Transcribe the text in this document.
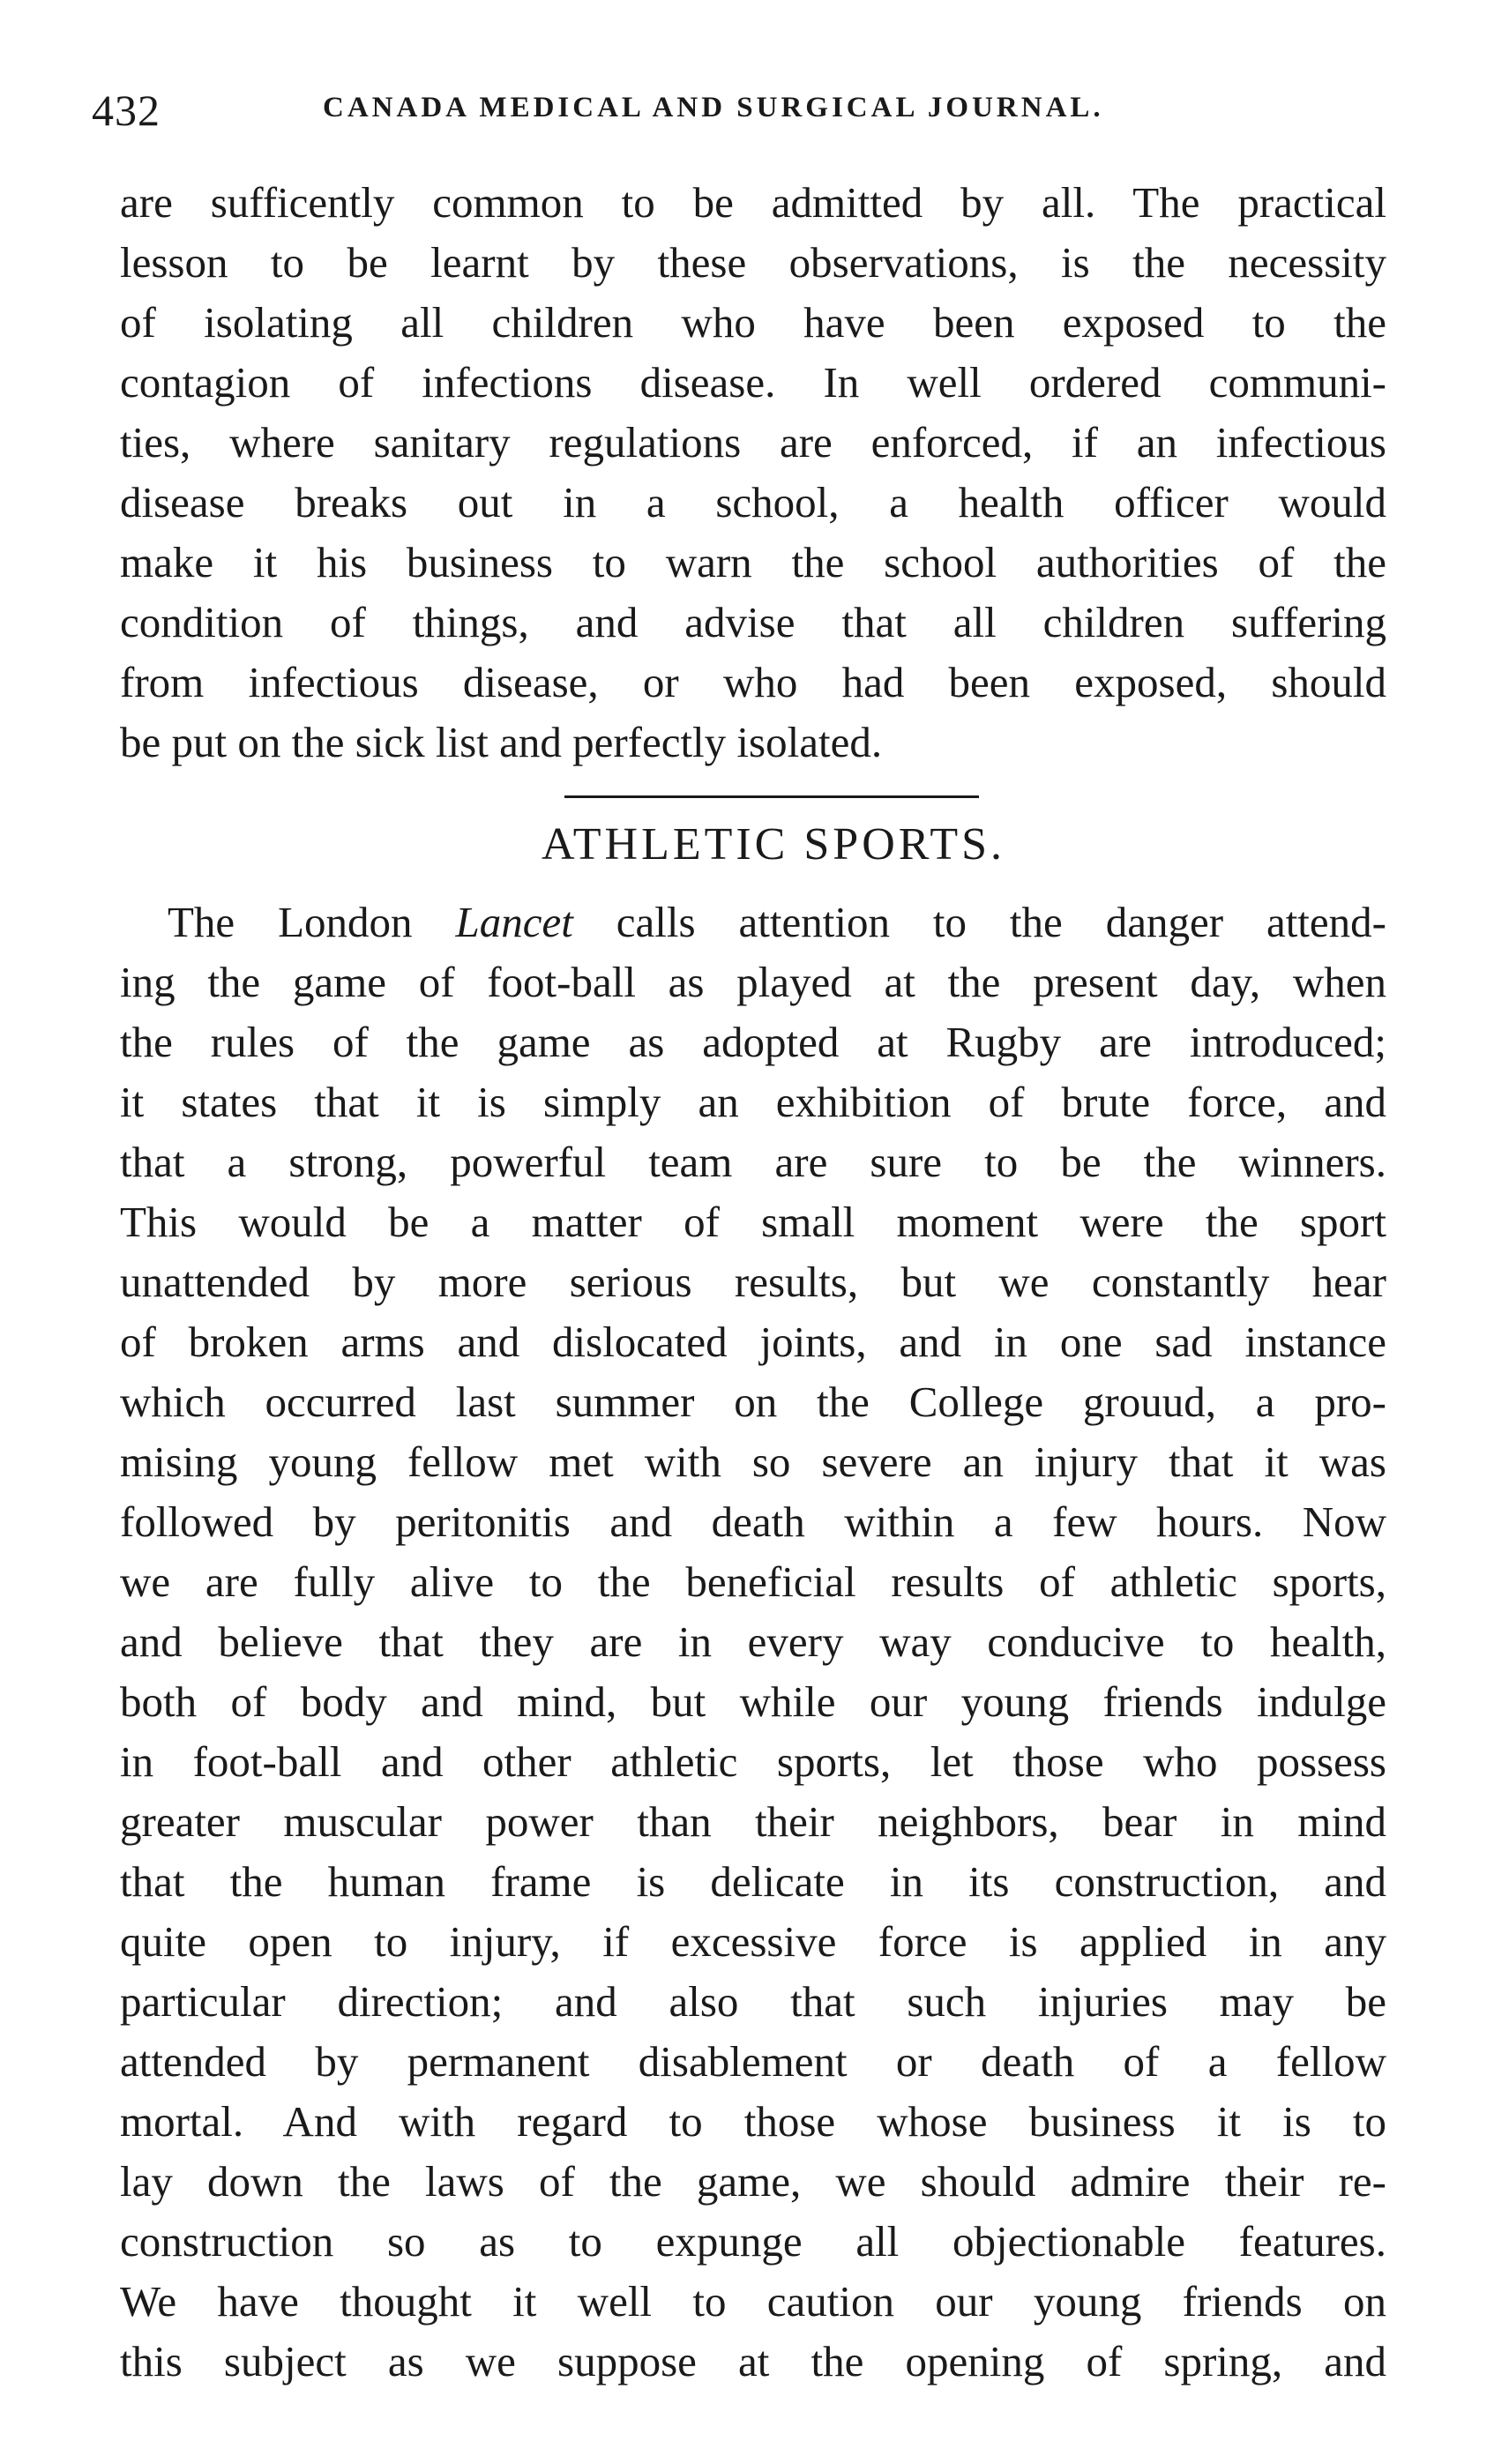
432	CANADA MEDICAL AND SURGICAL JOURNAL.
are sufficently common to be admitted by all. The practical
lesson to be learnt by these observations, is the necessity
of isolating all children who have been exposed to the
contagion of infections disease. In well ordered communi-
ties, where sanitary regulations are enforced, if an infectious
disease breaks out in a school, a health officer would
make it his business to warn the school authorities of the
condition of things, and advise that all children suffering
from infectious disease, or who had been exposed, should
be put on the sick list and perfectly isolated.
ATHLETIC SPORTS.
The London Lancet calls attention to the danger attend-
ing the game of foot-ball as played at the present day, when
the rules of the game as adopted at Rugby are introduced;
it states that it is simply an exhibition of brute force, and
that a strong, powerful team are sure to be the winners.
This would be a matter of small moment were the sport
unattended by more serious results, but we constantly hear
of broken arms and dislocated joints, and in one sad instance
which occurred last summer on the College grouud, a pro-
mising young fellow met with so severe an injury that it was
followed by peritonitis and death within a few hours. Now
we are fully alive to the beneficial results of athletic sports,
and believe that they are in every way conducive to health,
both of body and mind, but while our young friends indulge
in foot-ball and other athletic sports, let those who possess
greater muscular power than their neighbors, bear in mind
that the human frame is delicate in its construction, and
quite open to injury, if excessive force is applied in any
particular direction; and also that such injuries may be
attended by permanent disablement or death of a fellow
mortal. And with regard to those whose business it is to
lay down the laws of the game, we should admire their re-
construction so as to expunge all objectionable features.
We have thought it well to caution our young friends on
this subject as we suppose at the opening of spring, and
